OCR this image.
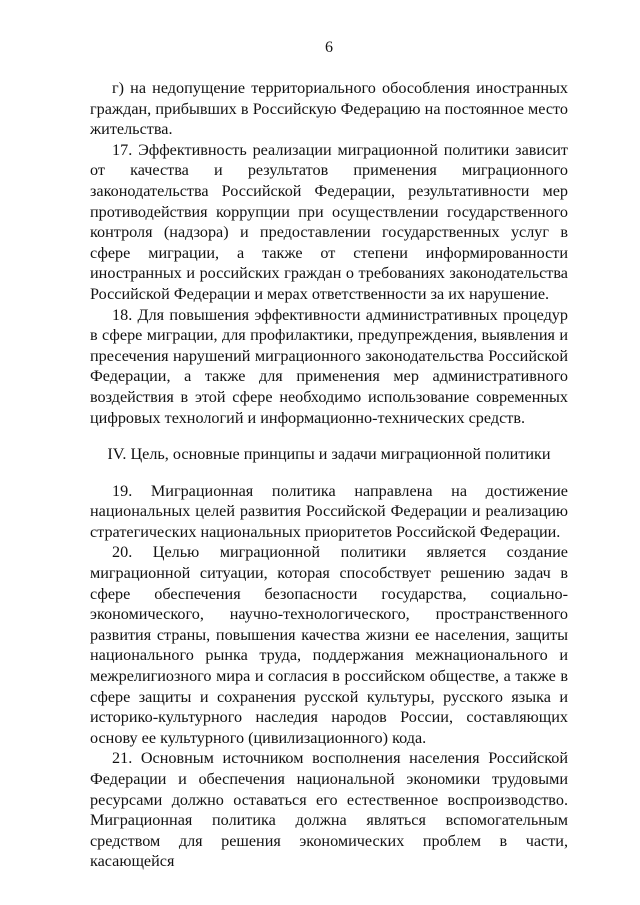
6

г) на недопущение территориального обособления иностранных граждан, прибывших в Российскую Федерацию на постоянное место жительства.

17. Эффективность реализации миграционной политики зависит от качества и результатов применения миграционного законодательства Российской Федерации, результативности мер противодействия коррупции при осуществлении государственного контроля (надзора) и предоставлении государственных услуг в сфере миграции, а также от степени информированности иностранных и российских граждан о требованиях законодательства Российской Федерации и мерах ответственности за их нарушение.

18. Для повышения эффективности административных процедур в сфере миграции, для профилактики, предупреждения, выявления и пресечения нарушений миграционного законодательства Российской Федерации, а также для применения мер административного воздействия в этой сфере необходимо использование современных цифровых технологий и информационно-технических средств.

IV. Цель, основные принципы и задачи миграционной политики

19. Миграционная политика направлена на достижение национальных целей развития Российской Федерации и реализацию стратегических национальных приоритетов Российской Федерации.

20. Целью миграционной политики является создание миграционной ситуации, которая способствует решению задач в сфере обеспечения безопасности государства, социально-экономического, научно-технологического, пространственного развития страны, повышения качества жизни ее населения, защиты национального рынка труда, поддержания межнационального и межрелигиозного мира и согласия в российском обществе, а также в сфере защиты и сохранения русской культуры, русского языка и историко-культурного наследия народов России, составляющих основу ее культурного (цивилизационного) кода.

21. Основным источником восполнения населения Российской Федерации и обеспечения национальной экономики трудовыми ресурсами должно оставаться его естественное воспроизводство. Миграционная политика должна являться вспомогательным средством для решения экономических проблем в части, касающейся
